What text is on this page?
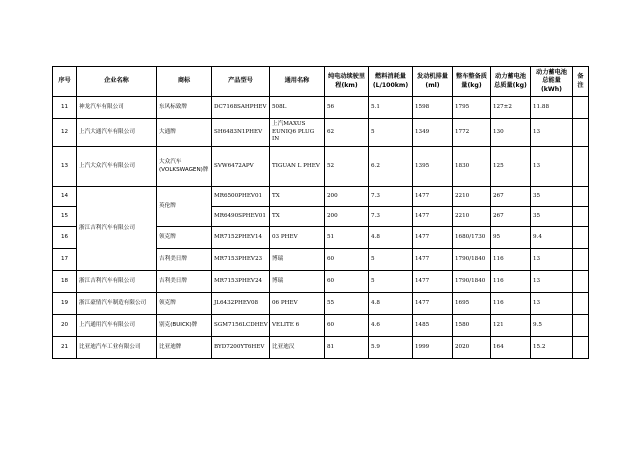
序号	企业名称	商标	产品型号	通用名称	纯电动续驶里程(km)	燃料消耗量(L/100km)	发动机排量(ml)	整车整备质量(kg)	动力蓄电池总质量(kg)	动力蓄电池总能量(kWh)	备注
11	神龙汽车有限公司	东风标致牌	DC7168SAHPHEV	508L	56	5.1	1598	1795	127±2	11.88	
12	上汽大通汽车有限公司	大通牌	SH6483N1PHEV	上汽MAXUS EUNIQ6 PLUG IN	62	5	1349	1772	130	13	
13	上汽大众汽车有限公司	大众汽车(VOLKSWAGEN)牌	SVW6472APV	TIGUAN L PHEV	52	6.2	1395	1830	125	13	
14	浙江吉利汽车有限公司	英伦牌	MR6500PHEV01	TX	200	7.3	1477	2210	267	35	
15			MR6490SPHEV01	TX	200	7.3	1477	2210	267	35	
16		领克牌	MR7152PHEV14	03 PHEV	51	4.8	1477	1680/1730	95	9.4	
17		吉利美日牌	MR7153PHEV23	博瑞	60	5	1477	1790/1840	116	13	
18	浙江吉利汽车有限公司	吉利美日牌	MR7153PHEV24	博瑞	60	5	1477	1790/1840	116	13	
19	浙江豪情汽车制造有限公司	领克牌	JL6432PHEV08	06 PHEV	55	4.8	1477	1695	116	13	
20	上汽通用汽车有限公司	别克(BUICK)牌	SGM7156LCDHEV	VELITE 6	60	4.6	1485	1580	121	9.5	
21	比亚迪汽车工业有限公司	比亚迪牌	BYD7200YT6HEV	比亚迪汉	81	5.9	1999	2020	164	15.2	
